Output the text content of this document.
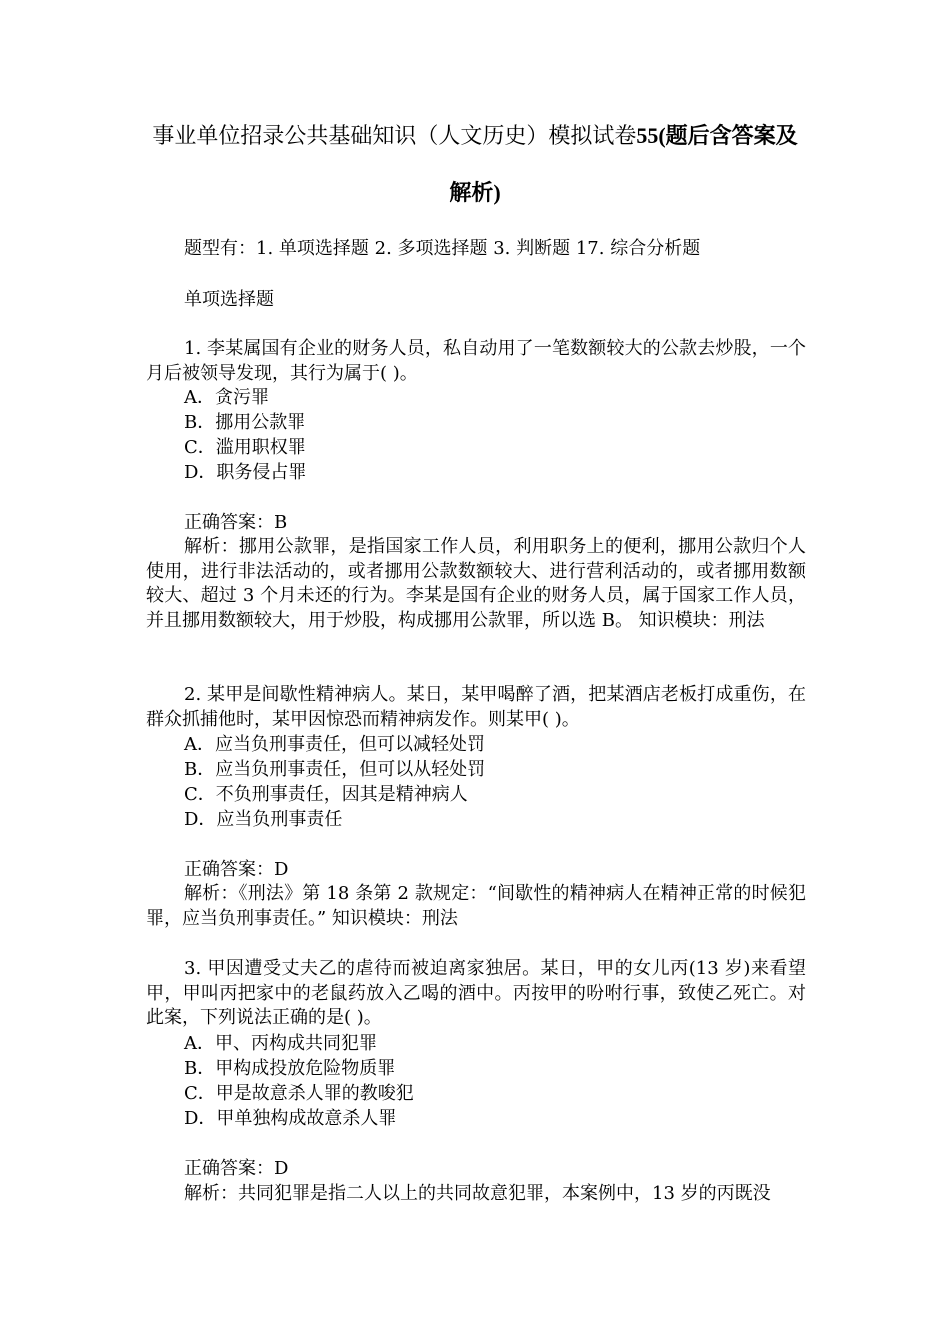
事业单位招录公共基础知识（人文历史）模拟试卷55(题后含答案及
解析)
题型有：1. 单项选择题 2. 多项选择题 3. 判断题 17. 综合分析题
单项选择题
1. 李某属国有企业的财务人员，私自动用了一笔数额较大的公款去炒股，一个月后被领导发现，其行为属于( )。
A．贪污罪
B．挪用公款罪
C．滥用职权罪
D．职务侵占罪
正确答案：B
解析：挪用公款罪，是指国家工作人员，利用职务上的便利，挪用公款归个人使用，进行非法活动的，或者挪用公款数额较大、进行营利活动的，或者挪用数额较大、超过 3 个月未还的行为。李某是国有企业的财务人员，属于国家工作人员，并且挪用数额较大，用于炒股，构成挪用公款罪，所以选 B。 知识模块：刑法
2. 某甲是间歇性精神病人。某日，某甲喝醉了酒，把某酒店老板打成重伤，在群众抓捕他时，某甲因惊恐而精神病发作。则某甲( )。
A．应当负刑事责任，但可以减轻处罚
B．应当负刑事责任，但可以从轻处罚
C．不负刑事责任，因其是精神病人
D．应当负刑事责任
正确答案：D
解析：《刑法》第 18 条第 2 款规定：“间歇性的精神病人在精神正常的时候犯罪，应当负刑事责任。” 知识模块：刑法
3. 甲因遭受丈夫乙的虐待而被迫离家独居。某日，甲的女儿丙(13 岁)来看望甲，甲叫丙把家中的老鼠药放入乙喝的酒中。丙按甲的吩咐行事，致使乙死亡。对此案，下列说法正确的是( )。
A．甲、丙构成共同犯罪
B．甲构成投放危险物质罪
C．甲是故意杀人罪的教唆犯
D．甲单独构成故意杀人罪
正确答案：D
解析：共同犯罪是指二人以上的共同故意犯罪，本案例中，13 岁的丙既没
